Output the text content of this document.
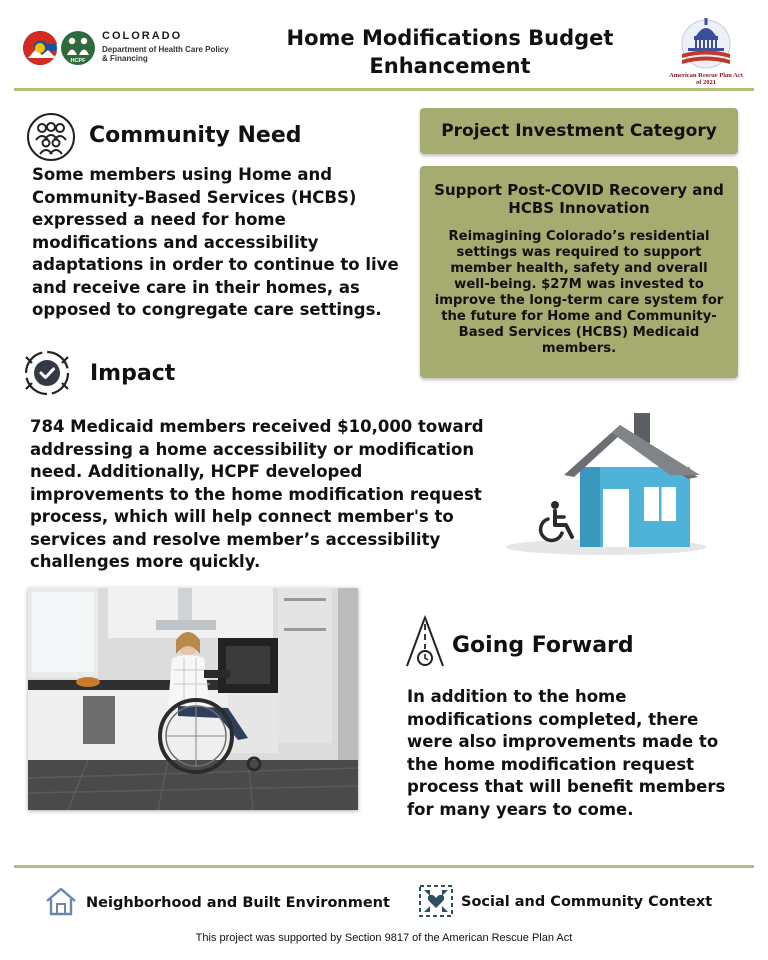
HCPF
COLORADO
Department of Health Care Policy & Financing
Home Modifications Budget Enhancement	American Rescue Plan Act of 2021
Community Need
Some members using Home and Community-Based Services (HCBS) expressed a need for home modifications and accessibility adaptations in order to continue to live and receive care in their homes, as opposed to congregate care settings.
Project Investment Category
Support Post-COVID Recovery and HCBS Innovation
Reimagining Colorado’s residential settings was required to support member health, safety and overall well-being. $27M was invested to improve the long-term care system for the future for Home and Community-Based Services (HCBS) Medicaid members.
Impact
784 Medicaid members received $10,000 toward addressing a home accessibility or modification need. Additionally, HCPF developed improvements to the home modification request process, which will help connect member's to services and resolve member’s accessibility challenges more quickly.
Going Forward
In addition to the home modifications completed, there were also improvements made to the home modification request process that will benefit members for many years to come.
Neighborhood and Built Environment	Social and Community Context
This project was supported by Section 9817 of the American Rescue Plan Act
